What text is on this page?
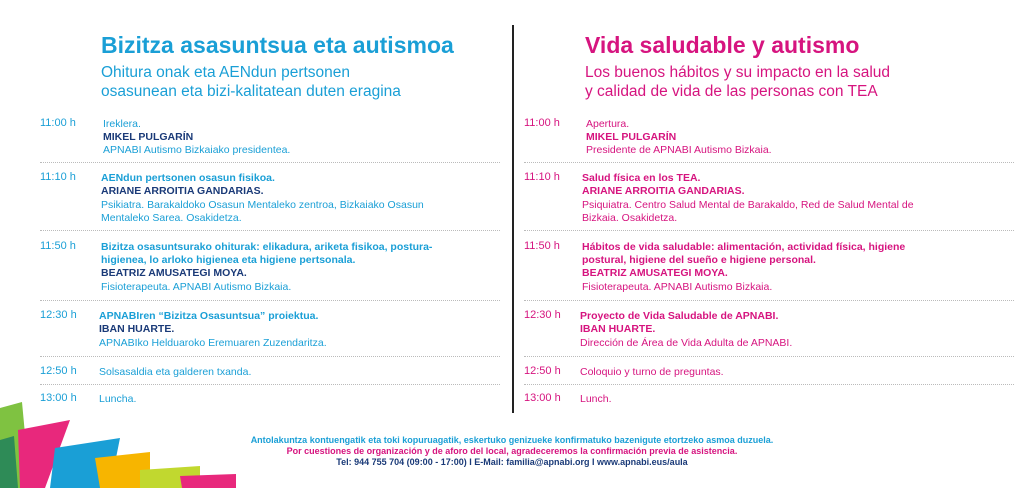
Bizitza asasuntsua eta autismoa
Ohitura onak eta AENdun pertsonen
osasunean eta bizi-kalitatean duten eragina
11:00 h	Ireklera.
MIKEL PULGARÍN
APNABI Autismo Bizkaiako presidentea.
11:10 h AENdun pertsonen osasun fisikoa.
ARIANE ARROITIA GANDARIAS.
Psikiatra. Barakaldoko Osasun Mentaleko zentroa, Bizkaiako Osasun
Mentaleko Sarea. Osakidetza.
11:50 h Bizitza osasuntsurako ohiturak: elikadura, ariketa fisikoa, postura-
higienea, lo arloko higienea eta higiene pertsonala.
BEATRIZ AMUSATEGI MOYA.
Fisioterapeuta. APNABI Autismo Bizkaia.
12:30 h APNABIren “Bizitza Osasuntsua” proiektua.
IBAN HUARTE.
APNABIko Helduaroko Eremuaren Zuzendaritza.
12:50 h Solsasaldia eta galderen txanda.
13:00 h Luncha.
Vida saludable y autismo
Los buenos hábitos y su impacto en la salud
y calidad de vida de las personas con TEA
11:00 h Apertura.
MIKEL PULGARÍN
Presidente de APNABI Autismo Bizkaia.
11:10 h Salud física en los TEA.
ARIANE ARROITIA GANDARIAS.
Psiquiatra. Centro Salud Mental de Barakaldo, Red de Salud Mental de
Bizkaia. Osakidetza.
11:50 h Hábitos de vida saludable: alimentación, actividad física, higiene
postural, higiene del sueño e higiene personal.
BEATRIZ AMUSATEGI MOYA.
Fisioterapeuta. APNABI Autismo Bizkaia.
12:30 h Proyecto de Vida Saludable de APNABI.
IBAN HUARTE.
Dirección de Área de Vida Adulta de APNABI.
12:50 h Coloquio y turno de preguntas.
13:00 h Lunch.
Antolakuntza kontuengatik eta toki kopuruagatik, eskertuko genizueke konfirmatuko bazenigute etortzeko asmoa duzuela.
Por cuestiones de organización y de aforo del local, agradeceremos la confirmación previa de asistencia.
Tel: 944 755 704 (09:00 - 17:00) I E-Mail: familia@apnabi.org I www.apnabi.eus/aula
